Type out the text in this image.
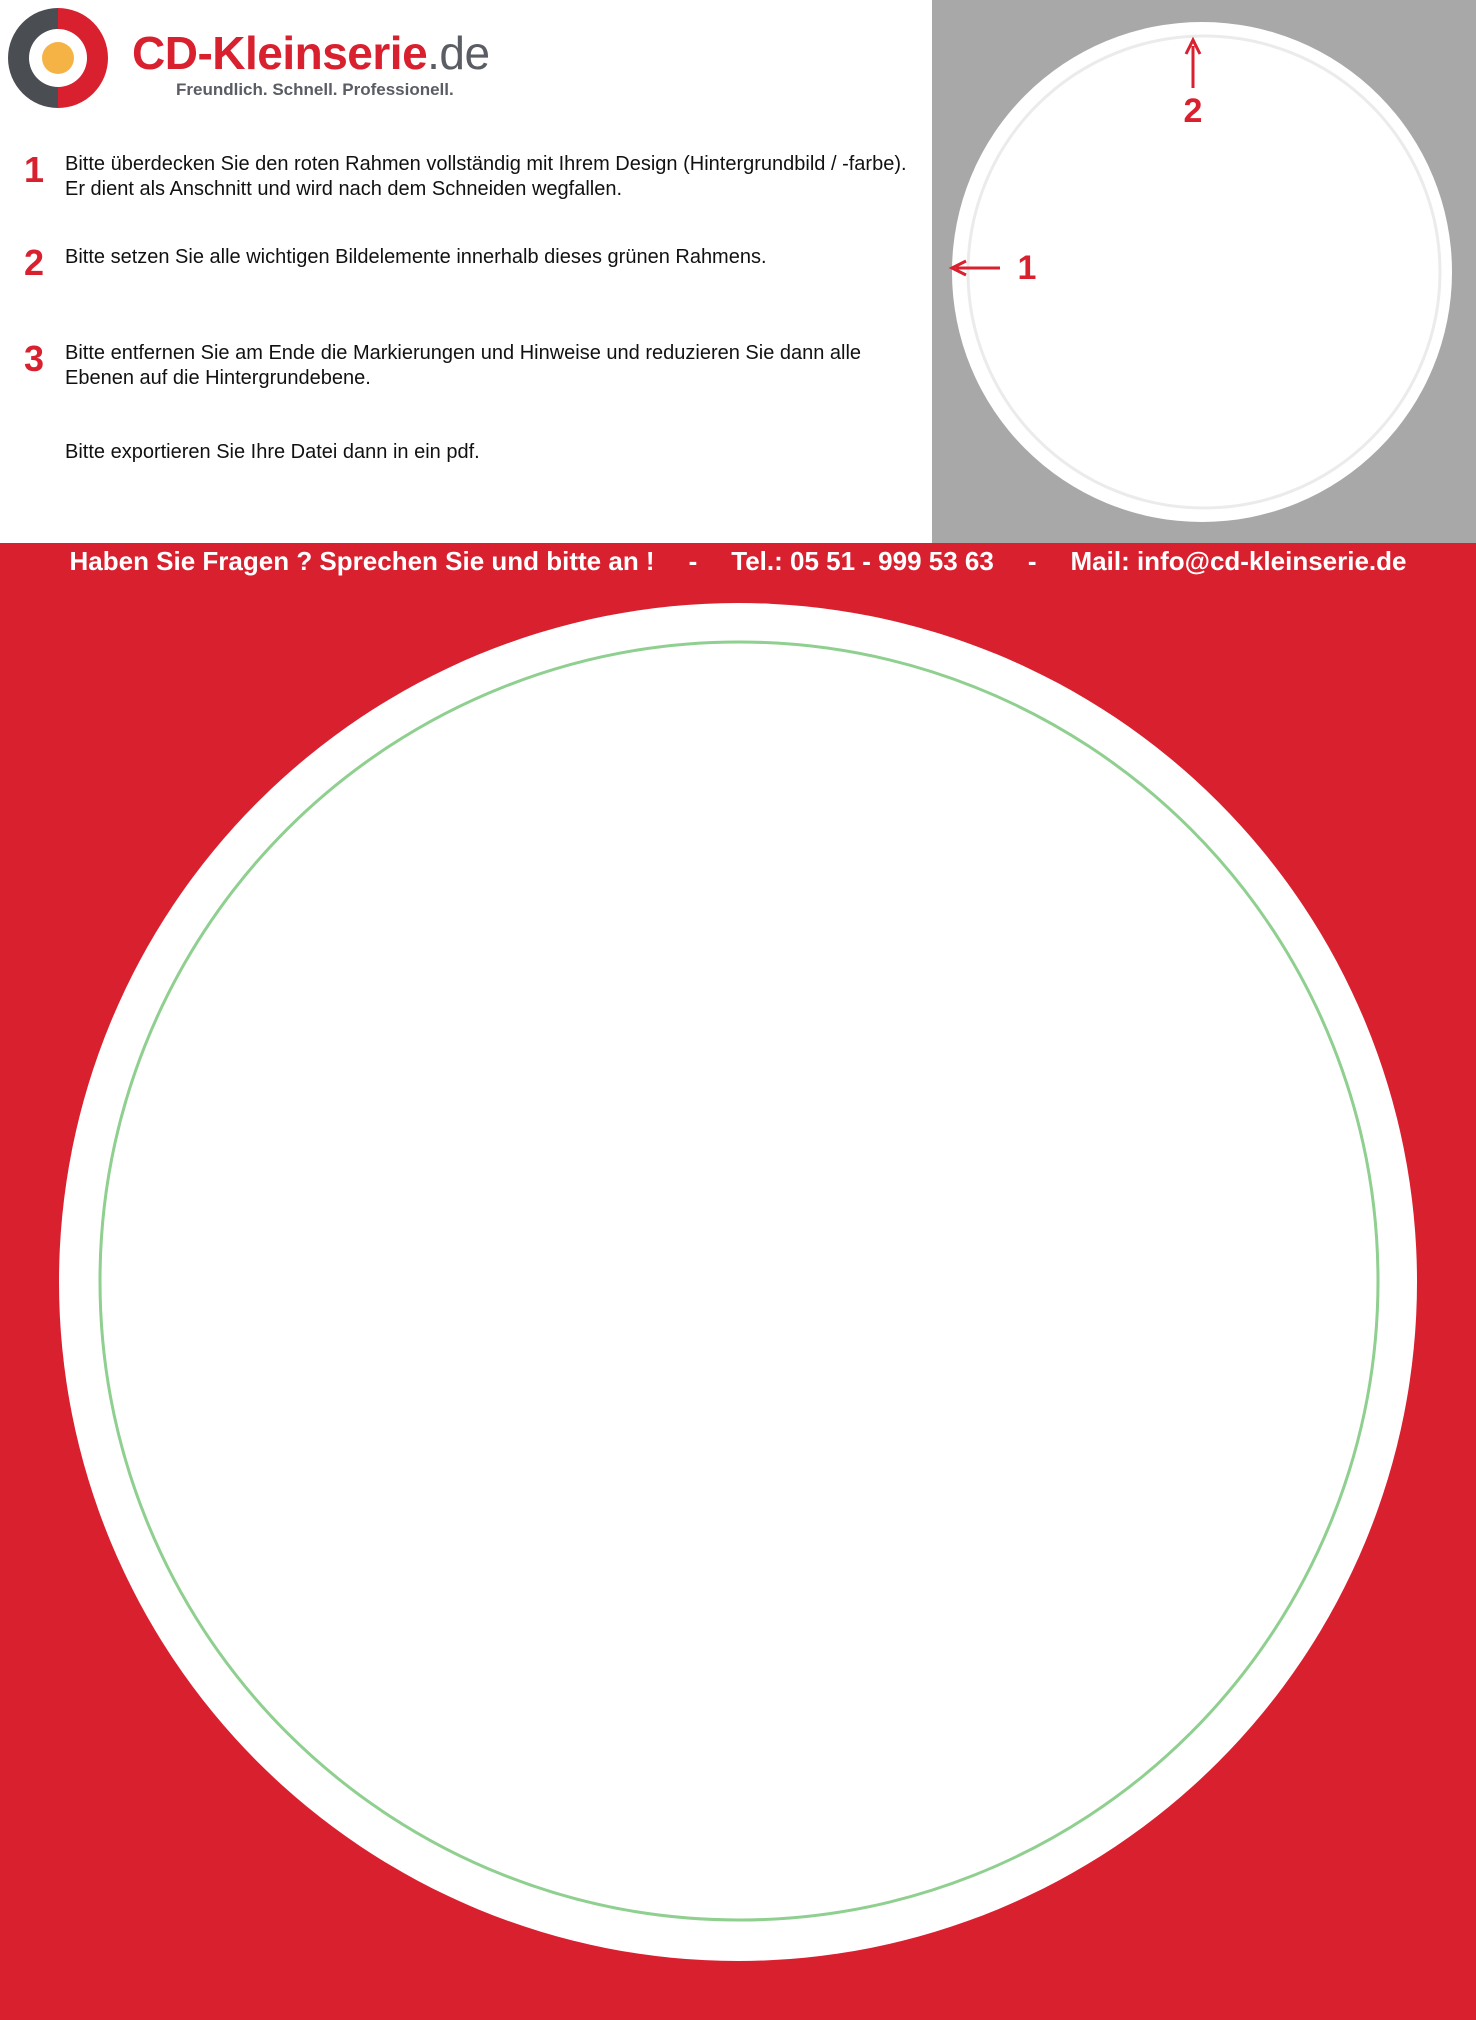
CD-Kleinserie.de
Freundlich. Schnell. Professionell.
1	Bitte überdecken Sie den roten Rahmen vollständig mit Ihrem Design (Hintergrundbild / -farbe). Er dient als Anschnitt und wird nach dem Schneiden wegfallen.
2	Bitte setzen Sie alle wichtigen Bildelemente innerhalb dieses grünen Rahmens.
3	Bitte entfernen Sie am Ende die Markierungen und Hinweise und reduzieren Sie dann alle Ebenen auf die Hintergrundebene.
Bitte exportieren Sie Ihre Datei dann in ein pdf.
2
1
Haben Sie Fragen ? Sprechen Sie und bitte an ! - Tel.: 05 51 - 999 53 63 - Mail: info@cd-kleinserie.de
